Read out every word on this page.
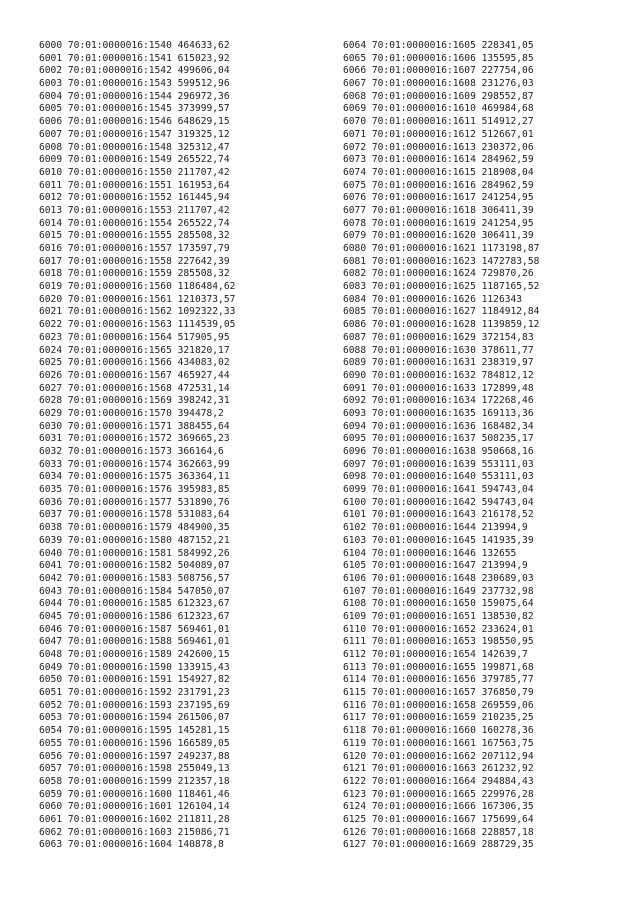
6000 70:01:0000016:1540 464633,62
6001 70:01:0000016:1541 615023,92
6002 70:01:0000016:1542 499606,04
6003 70:01:0000016:1543 599512,96
6004 70:01:0000016:1544 296972,36
6005 70:01:0000016:1545 373999,57
6006 70:01:0000016:1546 648629,15
6007 70:01:0000016:1547 319325,12
6008 70:01:0000016:1548 325312,47
6009 70:01:0000016:1549 265522,74
6010 70:01:0000016:1550 211707,42
6011 70:01:0000016:1551 161953,64
6012 70:01:0000016:1552 161445,94
6013 70:01:0000016:1553 211707,42
6014 70:01:0000016:1554 265522,74
6015 70:01:0000016:1555 285508,32
6016 70:01:0000016:1557 173597,79
6017 70:01:0000016:1558 227642,39
6018 70:01:0000016:1559 285508,32
6019 70:01:0000016:1560 1186484,62
6020 70:01:0000016:1561 1210373,57
6021 70:01:0000016:1562 1092322,33
6022 70:01:0000016:1563 1114539,05
6023 70:01:0000016:1564 517905,95
6024 70:01:0000016:1565 321820,17
6025 70:01:0000016:1566 434083,02
6026 70:01:0000016:1567 465927,44
6027 70:01:0000016:1568 472531,14
6028 70:01:0000016:1569 398242,31
6029 70:01:0000016:1570 394478,2
6030 70:01:0000016:1571 388455,64
6031 70:01:0000016:1572 369665,23
6032 70:01:0000016:1573 366164,6
6033 70:01:0000016:1574 362663,99
6034 70:01:0000016:1575 363364,11
6035 70:01:0000016:1576 395983,85
6036 70:01:0000016:1577 531890,76
6037 70:01:0000016:1578 531083,64
6038 70:01:0000016:1579 484900,35
6039 70:01:0000016:1580 487152,21
6040 70:01:0000016:1581 584992,26
6041 70:01:0000016:1582 504089,07
6042 70:01:0000016:1583 508756,57
6043 70:01:0000016:1584 547050,07
6044 70:01:0000016:1585 612323,67
6045 70:01:0000016:1586 612323,67
6046 70:01:0000016:1587 569461,01
6047 70:01:0000016:1588 569461,01
6048 70:01:0000016:1589 242600,15
6049 70:01:0000016:1590 133915,43
6050 70:01:0000016:1591 154927,82
6051 70:01:0000016:1592 231791,23
6052 70:01:0000016:1593 237195,69
6053 70:01:0000016:1594 261506,07
6054 70:01:0000016:1595 145281,15
6055 70:01:0000016:1596 166589,05
6056 70:01:0000016:1597 249237,88
6057 70:01:0000016:1598 255049,13
6058 70:01:0000016:1599 212357,18
6059 70:01:0000016:1600 118461,46
6060 70:01:0000016:1601 126104,14
6061 70:01:0000016:1602 211811,28
6062 70:01:0000016:1603 215086,71
6063 70:01:0000016:1604 140878,8
6064 70:01:0000016:1605 228341,05
6065 70:01:0000016:1606 135595,85
6066 70:01:0000016:1607 227754,06
6067 70:01:0000016:1608 231276,03
6068 70:01:0000016:1609 298552,87
6069 70:01:0000016:1610 469984,68
6070 70:01:0000016:1611 514912,27
6071 70:01:0000016:1612 512667,01
6072 70:01:0000016:1613 230372,06
6073 70:01:0000016:1614 284962,59
6074 70:01:0000016:1615 218908,04
6075 70:01:0000016:1616 284962,59
6076 70:01:0000016:1617 241254,95
6077 70:01:0000016:1618 306411,39
6078 70:01:0000016:1619 241254,95
6079 70:01:0000016:1620 306411,39
6080 70:01:0000016:1621 1173198,87
6081 70:01:0000016:1623 1472783,58
6082 70:01:0000016:1624 729870,26
6083 70:01:0000016:1625 1187165,52
6084 70:01:0000016:1626 1126343
6085 70:01:0000016:1627 1184912,84
6086 70:01:0000016:1628 1139859,12
6087 70:01:0000016:1629 372154,83
6088 70:01:0000016:1630 378611,77
6089 70:01:0000016:1631 238319,97
6090 70:01:0000016:1632 784812,12
6091 70:01:0000016:1633 172899,48
6092 70:01:0000016:1634 172268,46
6093 70:01:0000016:1635 169113,36
6094 70:01:0000016:1636 168482,34
6095 70:01:0000016:1637 508235,17
6096 70:01:0000016:1638 950668,16
6097 70:01:0000016:1639 553111,03
6098 70:01:0000016:1640 553111,03
6099 70:01:0000016:1641 594743,04
6100 70:01:0000016:1642 594743,04
6101 70:01:0000016:1643 216178,52
6102 70:01:0000016:1644 213994,9
6103 70:01:0000016:1645 141935,39
6104 70:01:0000016:1646 132655
6105 70:01:0000016:1647 213994,9
6106 70:01:0000016:1648 230689,03
6107 70:01:0000016:1649 237732,98
6108 70:01:0000016:1650 159075,64
6109 70:01:0000016:1651 138530,82
6110 70:01:0000016:1652 233624,01
6111 70:01:0000016:1653 198550,95
6112 70:01:0000016:1654 142639,7
6113 70:01:0000016:1655 199871,68
6114 70:01:0000016:1656 379785,77
6115 70:01:0000016:1657 376850,79
6116 70:01:0000016:1658 269559,06
6117 70:01:0000016:1659 210235,25
6118 70:01:0000016:1660 160278,36
6119 70:01:0000016:1661 167563,75
6120 70:01:0000016:1662 207112,94
6121 70:01:0000016:1663 261232,92
6122 70:01:0000016:1664 294884,43
6123 70:01:0000016:1665 229976,28
6124 70:01:0000016:1666 167306,35
6125 70:01:0000016:1667 175699,64
6126 70:01:0000016:1668 228857,18
6127 70:01:0000016:1669 288729,35
